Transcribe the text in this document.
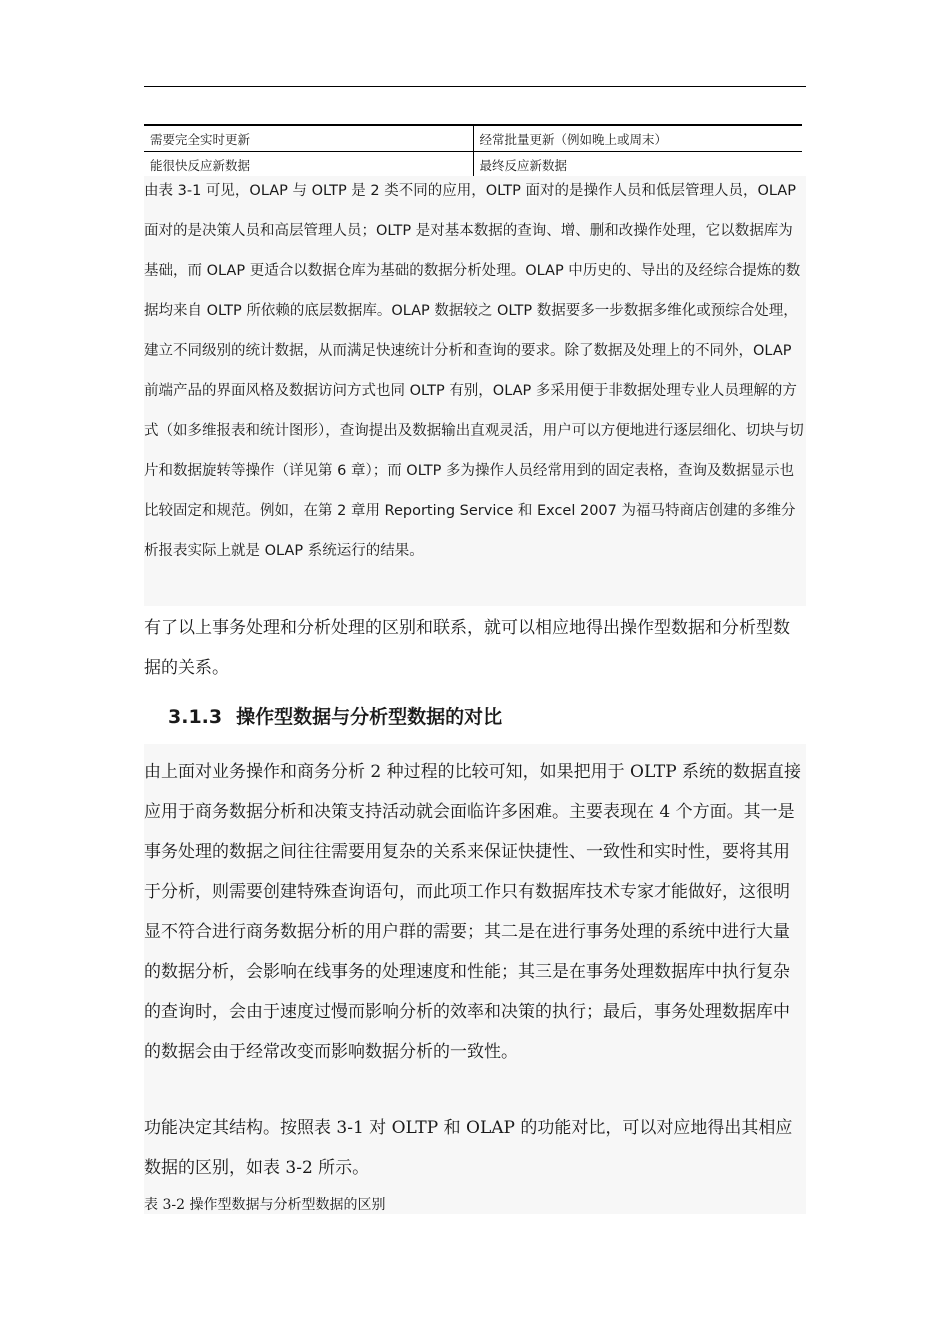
需要完全实时更新	经常批量更新（例如晚上或周末）
能很快反应新数据	最终反应新数据

由表 3-1 可见，OLAP 与 OLTP 是 2 类不同的应用，OLTP 面对的是操作人员和低层管理人员，OLAP 面对的是决策人员和高层管理人员；OLTP 是对基本数据的查询、增、删和改操作处理，它以数据库为基础，而 OLAP 更适合以数据仓库为基础的数据分析处理。OLAP 中历史的、导出的及经综合提炼的数据均来自 OLTP 所依赖的底层数据库。OLAP 数据较之 OLTP 数据要多一步数据多维化或预综合处理，建立不同级别的统计数据，从而满足快速统计分析和查询的要求。除了数据及处理上的不同外，OLAP 前端产品的界面风格及数据访问方式也同 OLTP 有别，OLAP 多采用便于非数据处理专业人员理解的方式（如多维报表和统计图形），查询提出及数据输出直观灵活，用户可以方便地进行逐层细化、切块与切片和数据旋转等操作（详见第 6 章）；而 OLTP 多为操作人员经常用到的固定表格，查询及数据显示也比较固定和规范。例如，在第 2 章用 Reporting Service 和 Excel 2007 为福马特商店创建的多维分析报表实际上就是 OLAP 系统运行的结果。

有了以上事务处理和分析处理的区别和联系，就可以相应地得出操作型数据和分析型数据的关系。

3.1.3 操作型数据与分析型数据的对比

由上面对业务操作和商务分析 2 种过程的比较可知，如果把用于 OLTP 系统的数据直接应用于商务数据分析和决策支持活动就会面临许多困难。主要表现在 4 个方面。其一是事务处理的数据之间往往需要用复杂的关系来保证快捷性、一致性和实时性，要将其用于分析，则需要创建特殊查询语句，而此项工作只有数据库技术专家才能做好，这很明显不符合进行商务数据分析的用户群的需要；其二是在进行事务处理的系统中进行大量的数据分析，会影响在线事务的处理速度和性能；其三是在事务处理数据库中执行复杂的查询时，会由于速度过慢而影响分析的效率和决策的执行；最后，事务处理数据库中的数据会由于经常改变而影响数据分析的一致性。

功能决定其结构。按照表 3-1 对 OLTP 和 OLAP 的功能对比，可以对应地得出其相应数据的区别，如表 3-2 所示。

表 3-2 操作型数据与分析型数据的区别
